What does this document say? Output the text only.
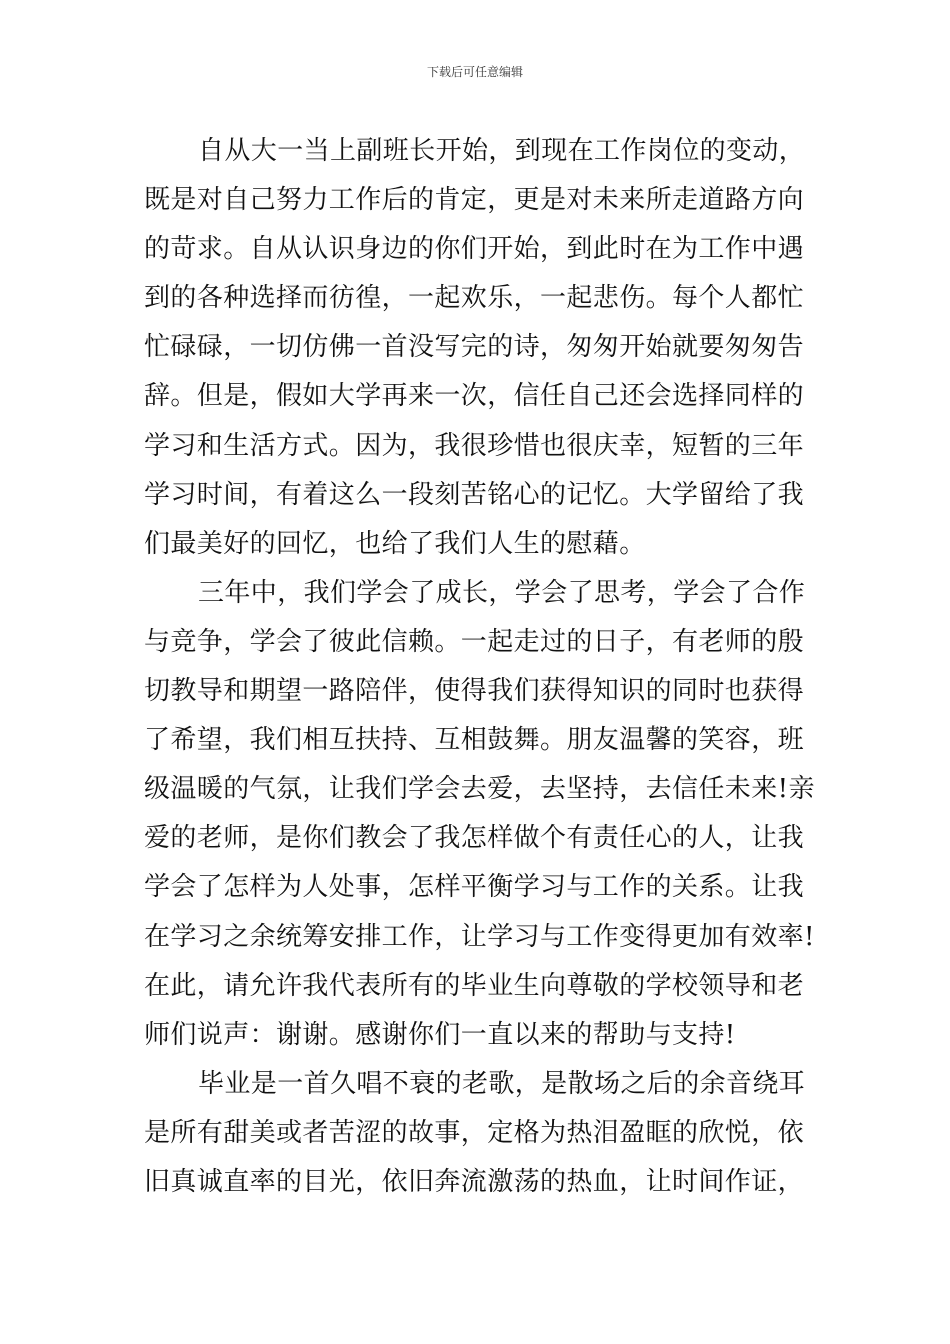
下载后可任意编辑
自从大一当上副班长开始，到现在工作岗位的变动，
既是对自己努力工作后的肯定，更是对未来所走道路方向
的苛求。自从认识身边的你们开始，到此时在为工作中遇
到的各种选择而彷徨，一起欢乐，一起悲伤。每个人都忙
忙碌碌，一切仿佛一首没写完的诗，匆匆开始就要匆匆告
辞。但是，假如大学再来一次，信任自己还会选择同样的
学习和生活方式。因为，我很珍惜也很庆幸，短暂的三年
学习时间，有着这么一段刻苦铭心的记忆。大学留给了我
们最美好的回忆，也给了我们人生的慰藉。
三年中，我们学会了成长，学会了思考，学会了合作
与竞争，学会了彼此信赖。一起走过的日子，有老师的殷
切教导和期望一路陪伴，使得我们获得知识的同时也获得
了希望，我们相互扶持、互相鼓舞。朋友温馨的笑容，班
级温暖的气氛，让我们学会去爱，去坚持，去信任未来!亲
爱的老师，是你们教会了我怎样做个有责任心的人，让我
学会了怎样为人处事，怎样平衡学习与工作的关系。让我
在学习之余统筹安排工作，让学习与工作变得更加有效率!
在此，请允许我代表所有的毕业生向尊敬的学校领导和老
师们说声：谢谢。感谢你们一直以来的帮助与支持!
毕业是一首久唱不衰的老歌，是散场之后的余音绕耳
是所有甜美或者苦涩的故事，定格为热泪盈眶的欣悦，依
旧真诚直率的目光，依旧奔流激荡的热血，让时间作证，
